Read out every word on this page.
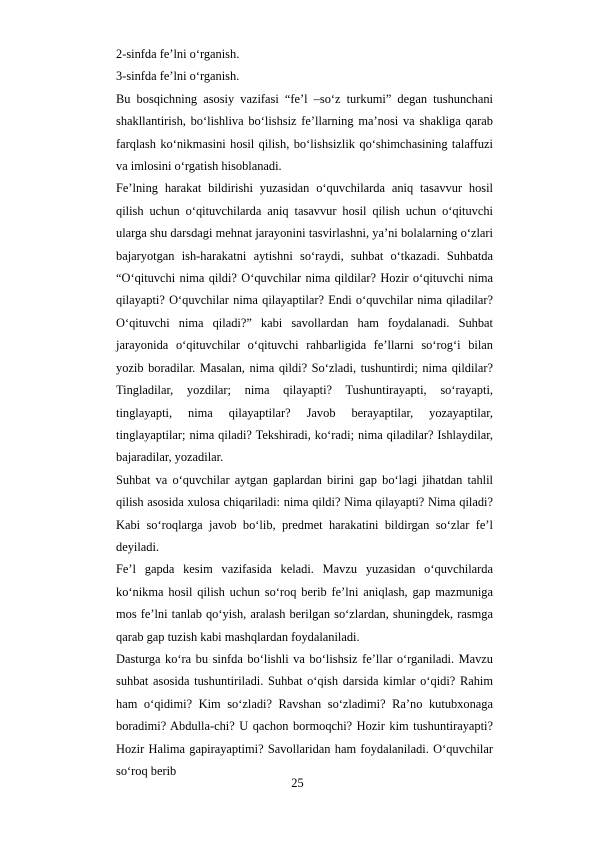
2-sinfda fe’lni o‘rganish.

3-sinfda fe’lni o‘rganish.

Bu bosqichning asosiy vazifasi “fe’l –so‘z turkumi” degan tushunchani shakllantirish, bo‘lishliva bo‘lishsiz fe’llarning ma’nosi va shakliga qarab farqlash ko‘nikmasini hosil qilish, bo‘lishsizlik qo‘shimchasining talaffuzi va imlosini o‘rgatish hisoblanadi.

Fe’lning harakat bildirishi yuzasidan o‘quvchilarda aniq tasavvur hosil qilish uchun o‘qituvchilarda aniq tasavvur hosil qilish uchun o‘qituvchi ularga shu darsdagi mehnat jarayonini tasvirlashni, ya’ni bolalarning o‘zlari bajaryotgan ish-harakatni aytishni so‘raydi, suhbat o‘tkazadi. Suhbatda “O‘qituvchi nima qildi? O‘quvchilar nima qildilar? Hozir o‘qituvchi nima qilayapti? O‘quvchilar nima qilayaptilar? Endi o‘quvchilar nima qiladilar? O‘qituvchi nima qiladi?” kabi savollardan ham foydalanadi. Suhbat jarayonida o‘qituvchilar o‘qituvchi rahbarligida fe’llarni so‘rog‘i bilan yozib boradilar. Masalan, nima qildi? So‘zladi, tushuntirdi; nima qildilar? Tingladilar, yozdilar; nima qilayapti? Tushuntirayapti, so‘rayapti, tinglayapti, nima qilayaptilar? Javob berayaptilar, yozayaptilar, tinglayaptilar; nima qiladi? Tekshiradi, ko‘radi; nima qiladilar? Ishlaydilar, bajaradilar, yozadilar.

Suhbat va o‘quvchilar aytgan gaplardan birini gap bo‘lagi jihatdan tahlil qilish asosida xulosa chiqariladi: nima qildi? Nima qilayapti? Nima qiladi? Kabi so‘roqlarga javob bo‘lib, predmet harakatini bildirgan so‘zlar fe’l deyiladi.

Fe’l gapda kesim vazifasida keladi. Mavzu yuzasidan o‘quvchilarda ko‘nikma hosil qilish uchun so‘roq berib fe’lni aniqlash, gap mazmuniga mos fe’lni tanlab qo‘yish, aralash berilgan so‘zlardan, shuningdek, rasmga qarab gap tuzish kabi mashqlardan foydalaniladi.

Dasturga ko‘ra bu sinfda bo‘lishli va bo‘lishsiz fe’llar o‘rganiladi. Mavzu suhbat asosida tushuntiriladi. Suhbat o‘qish darsida kimlar o‘qidi? Rahim ham o‘qidimi? Kim so‘zladi? Ravshan so‘zladimi? Ra’no kutubxonaga boradimi? Abdulla-chi? U qachon bormoqchi? Hozir kim tushuntirayapti? Hozir Halima gapirayaptimi? Savollaridan ham foydalaniladi. O‘quvchilar so‘roq berib

25
